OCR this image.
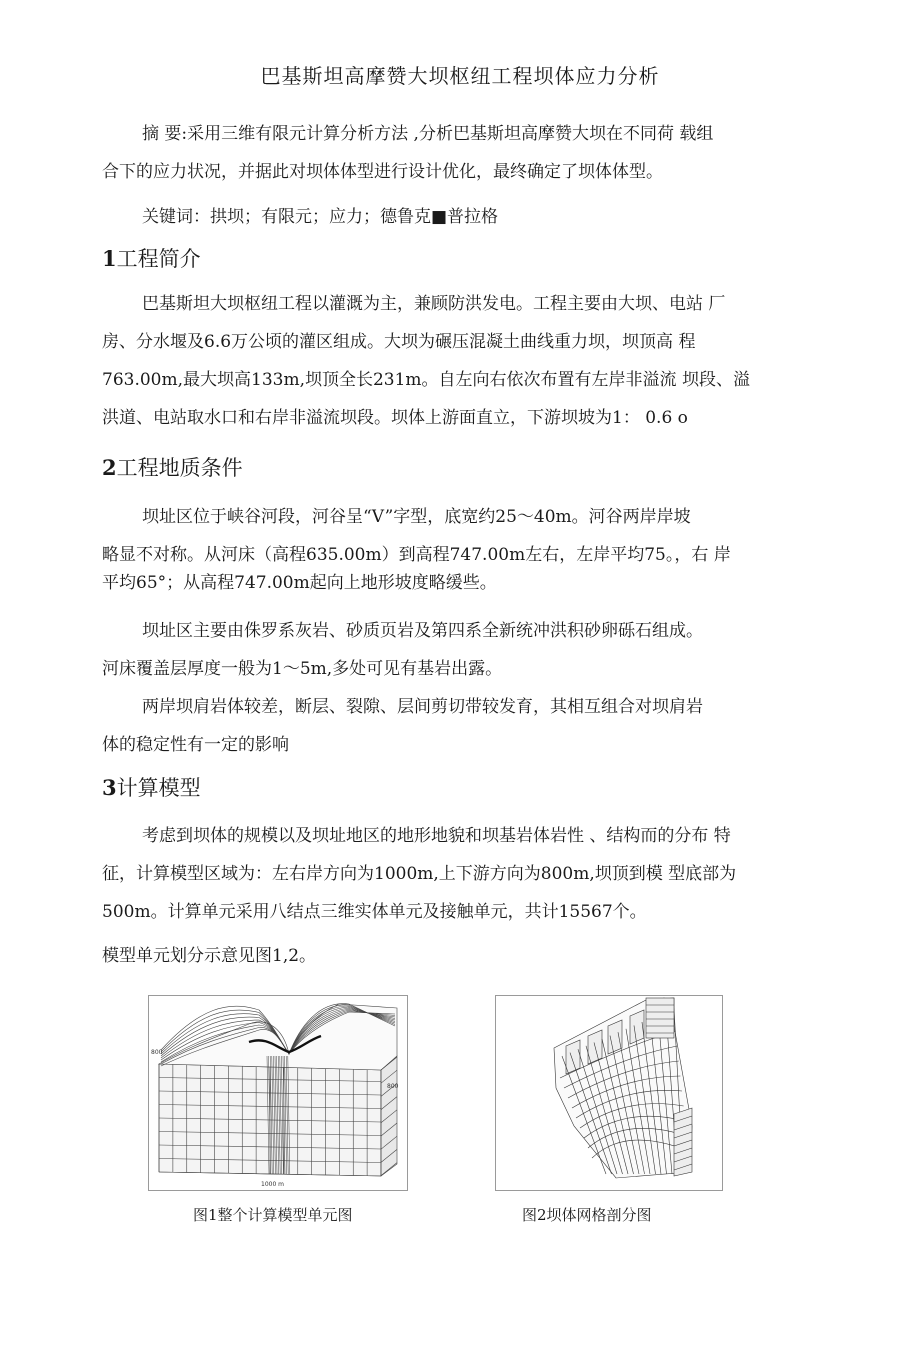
巴基斯坦高摩赞大坝枢纽工程坝体应力分析

摘 要:采用三维有限元计算分析方法 ,分析巴基斯坦高摩赞大坝在不同荷 载组
合下的应力状况，并据此对坝体体型进行设计优化，最终确定了坝体体型。

关键词：拱坝；有限元；应力；德鲁克■普拉格

1工程简介

巴基斯坦大坝枢纽工程以灌溉为主，兼顾防洪发电。工程主要由大坝、电站 厂
房、分水堰及6.6万公顷的灌区组成。大坝为碾压混凝土曲线重力坝，坝顶高 程
763.00m,最大坝高133m,坝顶全长231m。自左向右依次布置有左岸非溢流 坝段、溢
洪道、电站取水口和右岸非溢流坝段。坝体上游面直立，下游坝坡为1： 0.6 o

2工程地质条件

坝址区位于峡谷河段，河谷呈“V”字型，底宽约25～40m。河谷两岸岸坡
略显不对称。从河床（高程635.00m）到高程747.00m左右，左岸平均75。，右 岸
平均65°；从高程747.00m起向上地形坡度略缓些。

坝址区主要由侏罗系灰岩、砂质页岩及第四系全新统冲洪积砂卵砾石组成。
河床覆盖层厚度一般为1～5m,多处可见有基岩出露。

两岸坝肩岩体较差，断层、裂隙、层间剪切带较发育，其相互组合对坝肩岩
体的稳定性有一定的影响

3计算模型

考虑到坝体的规模以及坝址地区的地形地貌和坝基岩体岩性 、结构而的分布 特
征，计算模型区域为：左右岸方向为1000m,上下游方向为800m,坝顶到模 型底部为
500m。计算单元采用八结点三维实体单元及接触单元，共计15567个。

模型单元划分示意见图1,2。

800
800
1000 m
图1整个计算模型单元图	图2坝体网格剖分图
